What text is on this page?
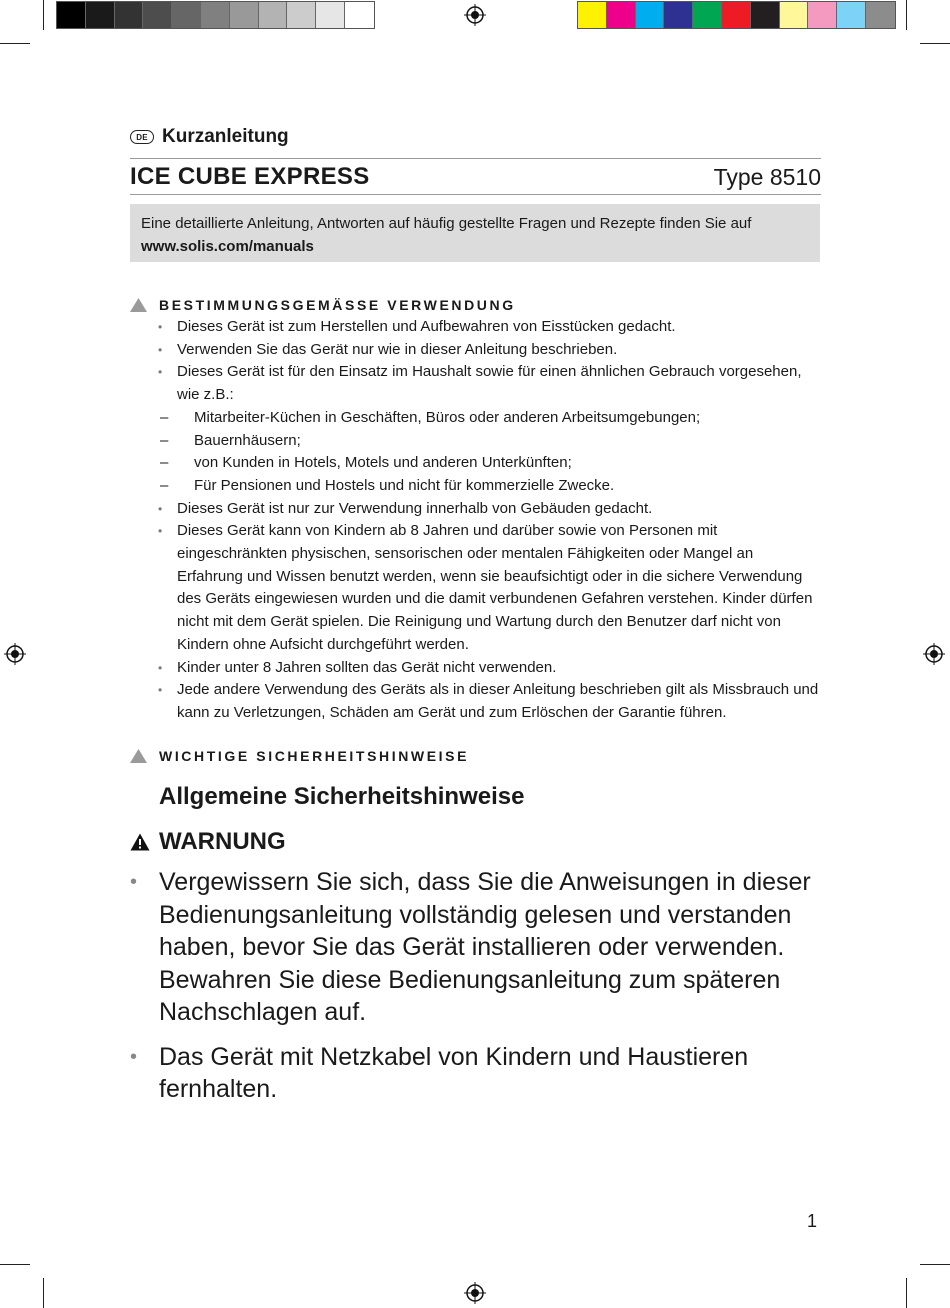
DE Kurzanleitung
ICE CUBE EXPRESS	Type 8510
Eine detaillierte Anleitung, Antworten auf häufig gestellte Fragen und Rezepte finden Sie auf
www.solis.com/manuals
BESTIMMUNGSGEMÄSSE VERWENDUNG
• Dieses Gerät ist zum Herstellen und Aufbewahren von Eisstücken gedacht.
• Verwenden Sie das Gerät nur wie in dieser Anleitung beschrieben.
• Dieses Gerät ist für den Einsatz im Haushalt sowie für einen ähnlichen Gebrauch vorgesehen, wie z.B.:
– Mitarbeiter-Küchen in Geschäften, Büros oder anderen Arbeitsumgebungen;
– Bauernhäusern;
– von Kunden in Hotels, Motels und anderen Unterkünften;
– Für Pensionen und Hostels und nicht für kommerzielle Zwecke.
• Dieses Gerät ist nur zur Verwendung innerhalb von Gebäuden gedacht.
• Dieses Gerät kann von Kindern ab 8 Jahren und darüber sowie von Personen mit eingeschränkten physischen, sensorischen oder mentalen Fähigkeiten oder Mangel an Erfahrung und Wissen benutzt werden, wenn sie beaufsichtigt oder in die sichere Verwendung des Geräts eingewiesen wurden und die damit verbundenen Gefahren verstehen. Kinder dürfen nicht mit dem Gerät spielen. Die Reinigung und Wartung durch den Benutzer darf nicht von Kindern ohne Aufsicht durchgeführt werden.
• Kinder unter 8 Jahren sollten das Gerät nicht verwenden.
• Jede andere Verwendung des Geräts als in dieser Anleitung beschrieben gilt als Missbrauch und kann zu Verletzungen, Schäden am Gerät und zum Erlöschen der Garantie führen.
WICHTIGE SICHERHEITSHINWEISE
Allgemeine Sicherheitshinweise
WARNUNG
• Vergewissern Sie sich, dass Sie die Anweisungen in dieser Bedienungsanleitung vollständig gelesen und verstanden haben, bevor Sie das Gerät installieren oder verwenden. Bewahren Sie diese Bedienungsanleitung zum späteren Nachschlagen auf.
• Das Gerät mit Netzkabel von Kindern und Haustieren fernhalten.
1
